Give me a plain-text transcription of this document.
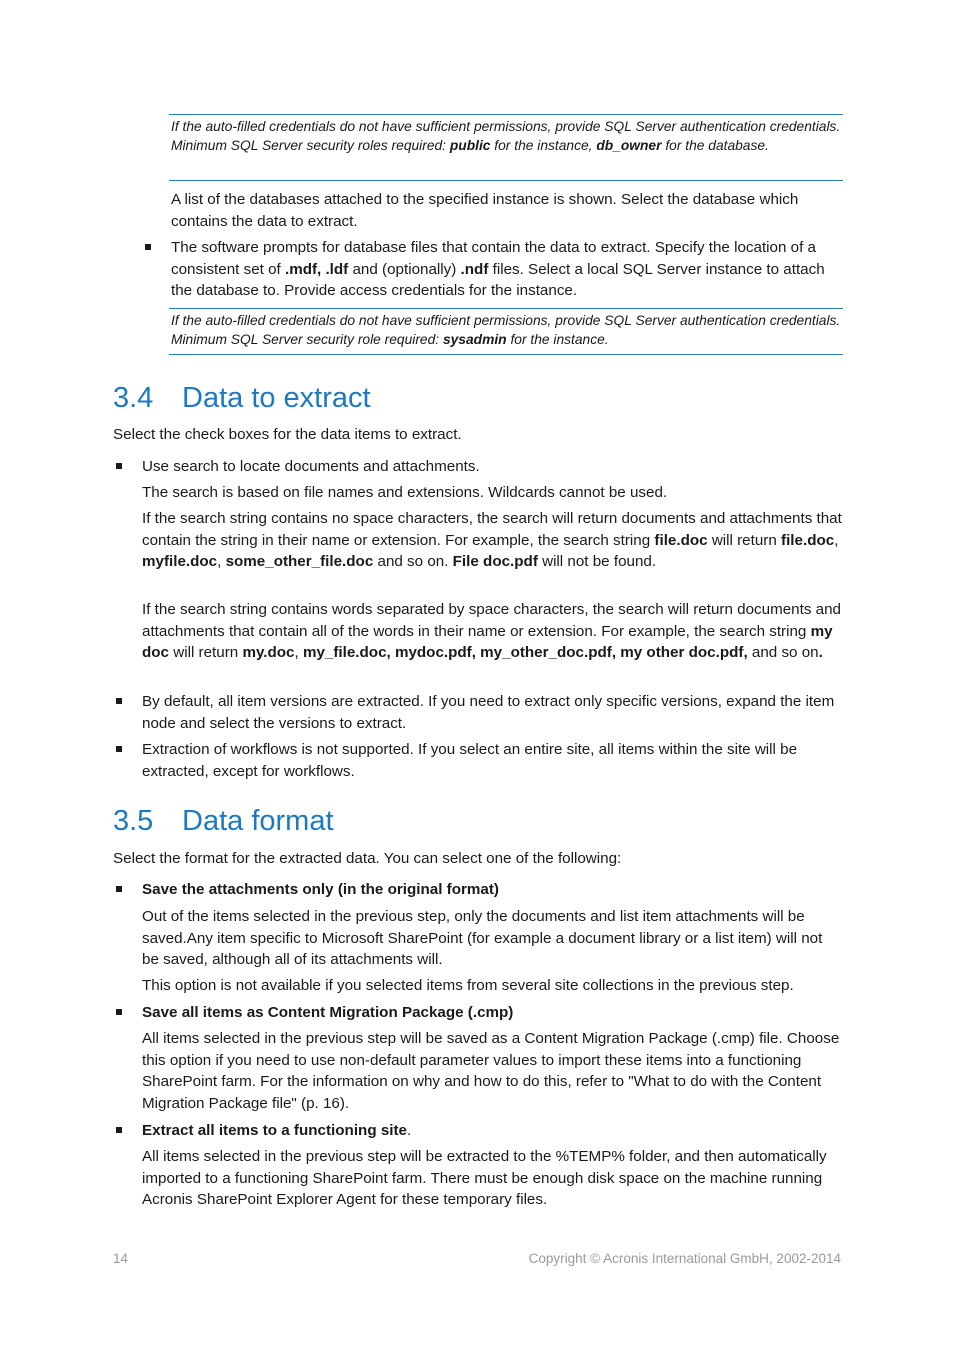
If the auto-filled credentials do not have sufficient permissions, provide SQL Server authentication credentials. Minimum SQL Server security roles required: public for the instance, db_owner for the database.

A list of the databases attached to the specified instance is shown. Select the database which contains the data to extract.

The software prompts for database files that contain the data to extract. Specify the location of a consistent set of .mdf, .ldf and (optionally) .ndf files. Select a local SQL Server instance to attach the database to. Provide access credentials for the instance.

If the auto-filled credentials do not have sufficient permissions, provide SQL Server authentication credentials. Minimum SQL Server security role required: sysadmin for the instance.
3.4 Data to extract

Select the check boxes for the data items to extract.

Use search to locate documents and attachments.

The search is based on file names and extensions. Wildcards cannot be used.

If the search string contains no space characters, the search will return documents and attachments that contain the string in their name or extension. For example, the search string file.doc will return file.doc, myfile.doc, some_other_file.doc and so on. File doc.pdf will not be found.

If the search string contains words separated by space characters, the search will return documents and attachments that contain all of the words in their name or extension. For example, the search string my doc will return my.doc, my_file.doc, mydoc.pdf, my_other_doc.pdf, my other doc.pdf, and so on.

By default, all item versions are extracted. If you need to extract only specific versions, expand the item node and select the versions to extract.

Extraction of workflows is not supported. If you select an entire site, all items within the site will be extracted, except for workflows.

3.5 Data format

Select the format for the extracted data. You can select one of the following:

Save the attachments only (in the original format)

Out of the items selected in the previous step, only the documents and list item attachments will be saved.Any item specific to Microsoft SharePoint (for example a document library or a list item) will not be saved, although all of its attachments will.

This option is not available if you selected items from several site collections in the previous step.

Save all items as Content Migration Package (.cmp)

All items selected in the previous step will be saved as a Content Migration Package (.cmp) file. Choose this option if you need to use non-default parameter values to import these items into a functioning SharePoint farm. For the information on why and how to do this, refer to "What to do with the Content Migration Package file" (p. 16).

Extract all items to a functioning site.

All items selected in the previous step will be extracted to the %TEMP% folder, and then automatically imported to a functioning SharePoint farm. There must be enough disk space on the machine running Acronis SharePoint Explorer Agent for these temporary files.

14	Copyright © Acronis International GmbH, 2002-2014
